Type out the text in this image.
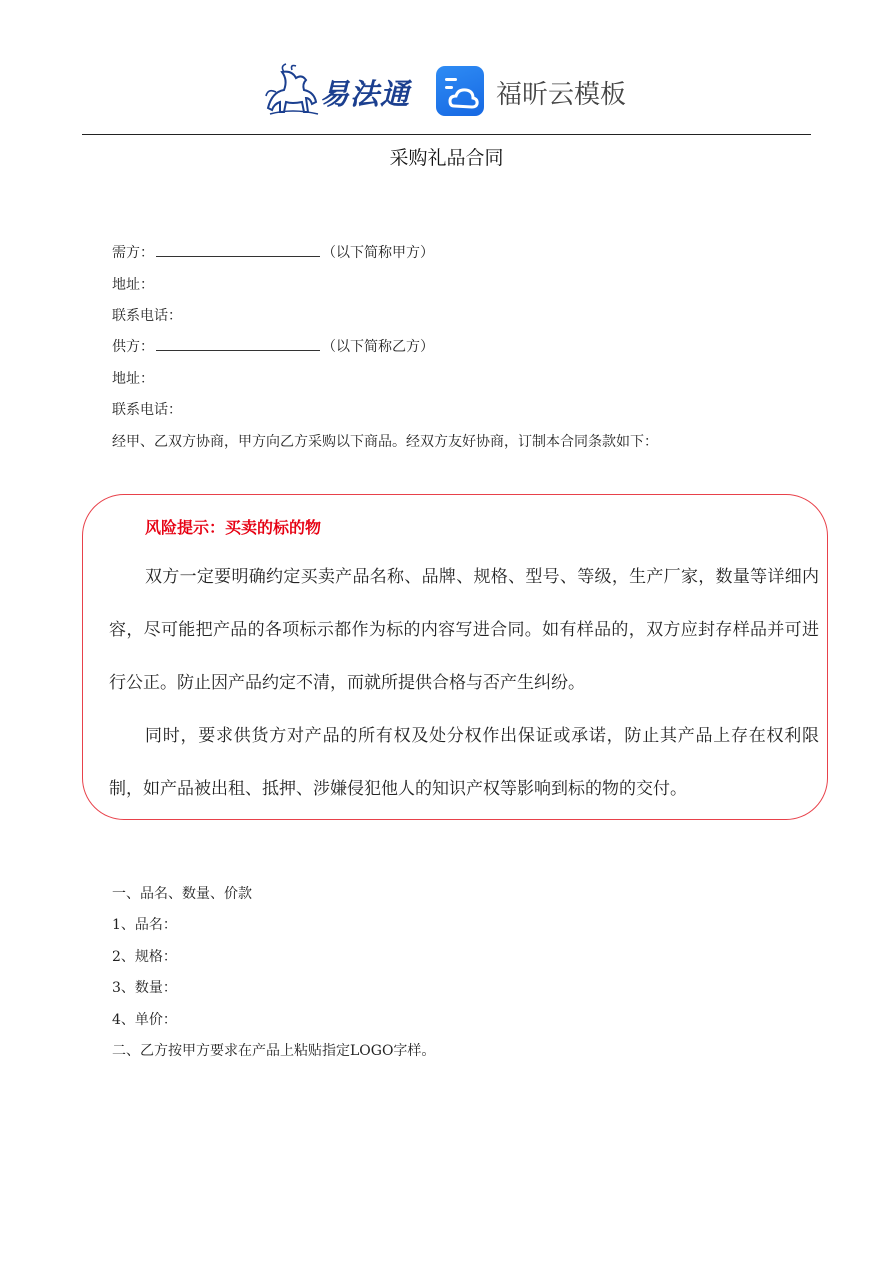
易法通	福昕云模板
采购礼品合同
需方：	（以下简称甲方）
地址：
联系电话：
供方：	（以下简称乙方）
地址：
联系电话：
经甲、乙双方协商，甲方向乙方采购以下商品。经双方友好协商，订制本合同条款如下：
风险提示：买卖的标的物
双方一定要明确约定买卖产品名称、品牌、规格、型号、等级，生产厂家，数量等详细内容，尽可能把产品的各项标示都作为标的内容写进合同。如有样品的，双方应封存样品并可进行公正。防止因产品约定不清，而就所提供合格与否产生纠纷。
同时，要求供货方对产品的所有权及处分权作出保证或承诺，防止其产品上存在权利限制，如产品被出租、抵押、涉嫌侵犯他人的知识产权等影响到标的物的交付。
一、品名、数量、价款
1、品名：
2、规格：
3、数量：
4、单价：
二、乙方按甲方要求在产品上粘贴指定LOGO字样。
